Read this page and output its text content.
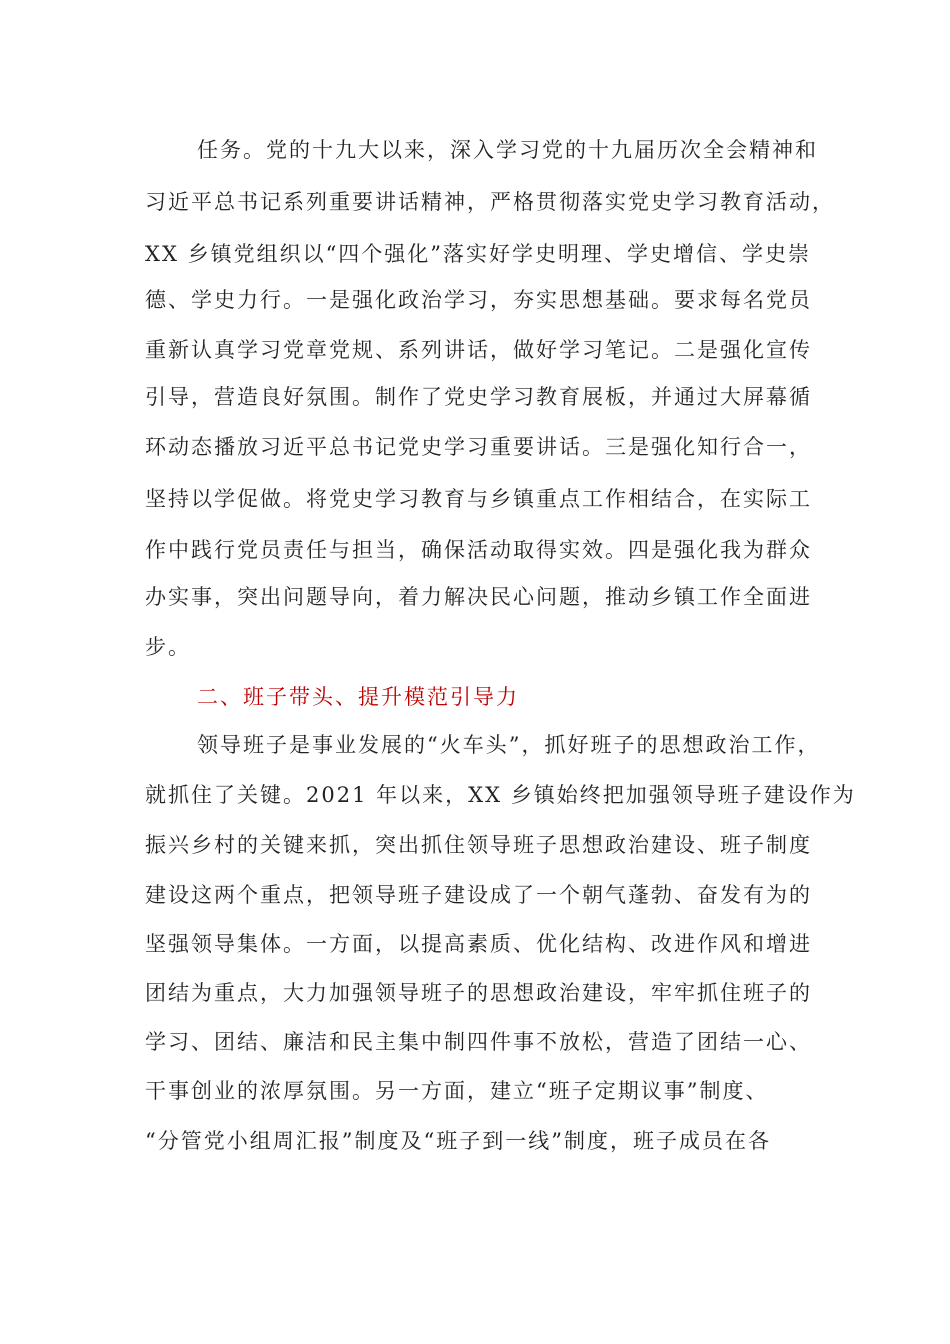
任务。党的十九大以来，深入学习党的十九届历次全会精神和
习近平总书记系列重要讲话精神，严格贯彻落实党史学习教育活动，
XX 乡镇党组织以“四个强化”落实好学史明理、学史增信、学史崇
德、学史力行。一是强化政治学习，夯实思想基础。要求每名党员
重新认真学习党章党规、系列讲话，做好学习笔记。二是强化宣传
引导，营造良好氛围。制作了党史学习教育展板，并通过大屏幕循
环动态播放习近平总书记党史学习重要讲话。三是强化知行合一，
坚持以学促做。将党史学习教育与乡镇重点工作相结合，在实际工
作中践行党员责任与担当，确保活动取得实效。四是强化我为群众
办实事，突出问题导向，着力解决民心问题，推动乡镇工作全面进
步。
二、班子带头、提升模范引导力
领导班子是事业发展的“火车头”，抓好班子的思想政治工作，
就抓住了关键。2021 年以来，XX 乡镇始终把加强领导班子建设作为
振兴乡村的关键来抓，突出抓住领导班子思想政治建设、班子制度
建设这两个重点，把领导班子建设成了一个朝气蓬勃、奋发有为的
坚强领导集体。一方面，以提高素质、优化结构、改进作风和增进
团结为重点，大力加强领导班子的思想政治建设，牢牢抓住班子的
学习、团结、廉洁和民主集中制四件事不放松，营造了团结一心、
干事创业的浓厚氛围。另一方面，建立“班子定期议事”制度、
“分管党小组周汇报”制度及“班子到一线”制度，班子成员在各
